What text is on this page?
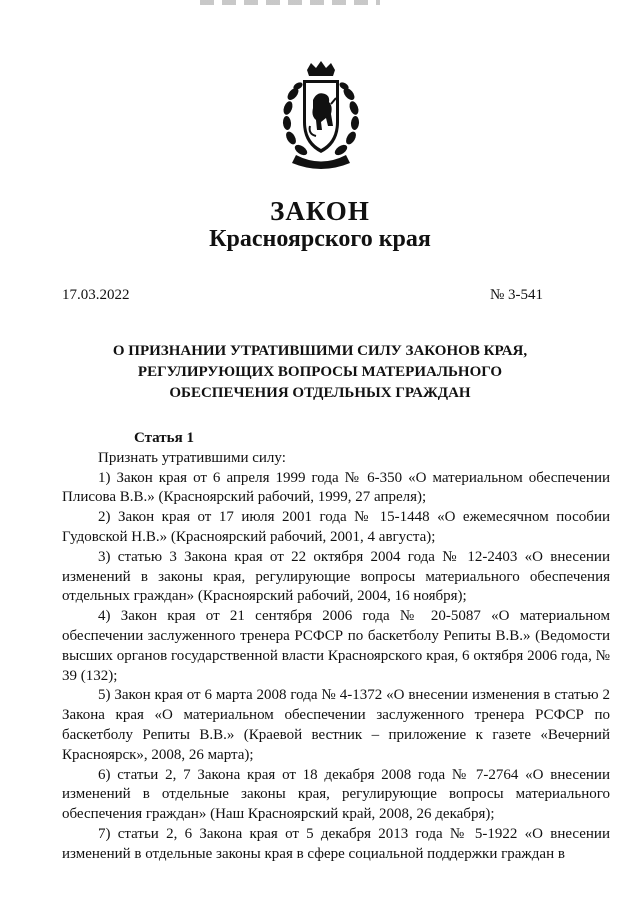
ЗАКОН
Красноярского края

17.03.2022	№ 3-541

О ПРИЗНАНИИ УТРАТИВШИМИ СИЛУ ЗАКОНОВ КРАЯ, РЕГУЛИРУЮЩИХ ВОПРОСЫ МАТЕРИАЛЬНОГО ОБЕСПЕЧЕНИЯ ОТДЕЛЬНЫХ ГРАЖДАН

Статья 1

Признать утратившими силу:

1) Закон края от 6 апреля 1999 года № 6-350 «О материальном обеспечении Плисова В.В.» (Красноярский рабочий, 1999, 27 апреля);

2) Закон края от 17 июля 2001 года № 15-1448 «О ежемесячном пособии Гудовской Н.В.» (Красноярский рабочий, 2001, 4 августа);

3) статью 3 Закона края от 22 октября 2004 года № 12-2403 «О внесении изменений в законы края, регулирующие вопросы материального обеспечения отдельных граждан» (Красноярский рабочий, 2004, 16 ноября);

4) Закон края от 21 сентября 2006 года № 20-5087 «О материальном обеспечении заслуженного тренера РСФСР по баскетболу Репиты В.В.» (Ведомости высших органов государственной власти Красноярского края, 6 октября 2006 года, № 39 (132);

5) Закон края от 6 марта 2008 года № 4-1372 «О внесении изменения в статью 2 Закона края «О материальном обеспечении заслуженного тренера РСФСР по баскетболу Репиты В.В.» (Краевой вестник – приложение к газете «Вечерний Красноярск», 2008, 26 марта);

6) статьи 2, 7 Закона края от 18 декабря 2008 года № 7-2764 «О внесении изменений в отдельные законы края, регулирующие вопросы материального обеспечения граждан» (Наш Красноярский край, 2008, 26 декабря);

7) статьи 2, 6 Закона края от 5 декабря 2013 года № 5-1922 «О внесении изменений в отдельные законы края в сфере социальной поддержки граждан в
